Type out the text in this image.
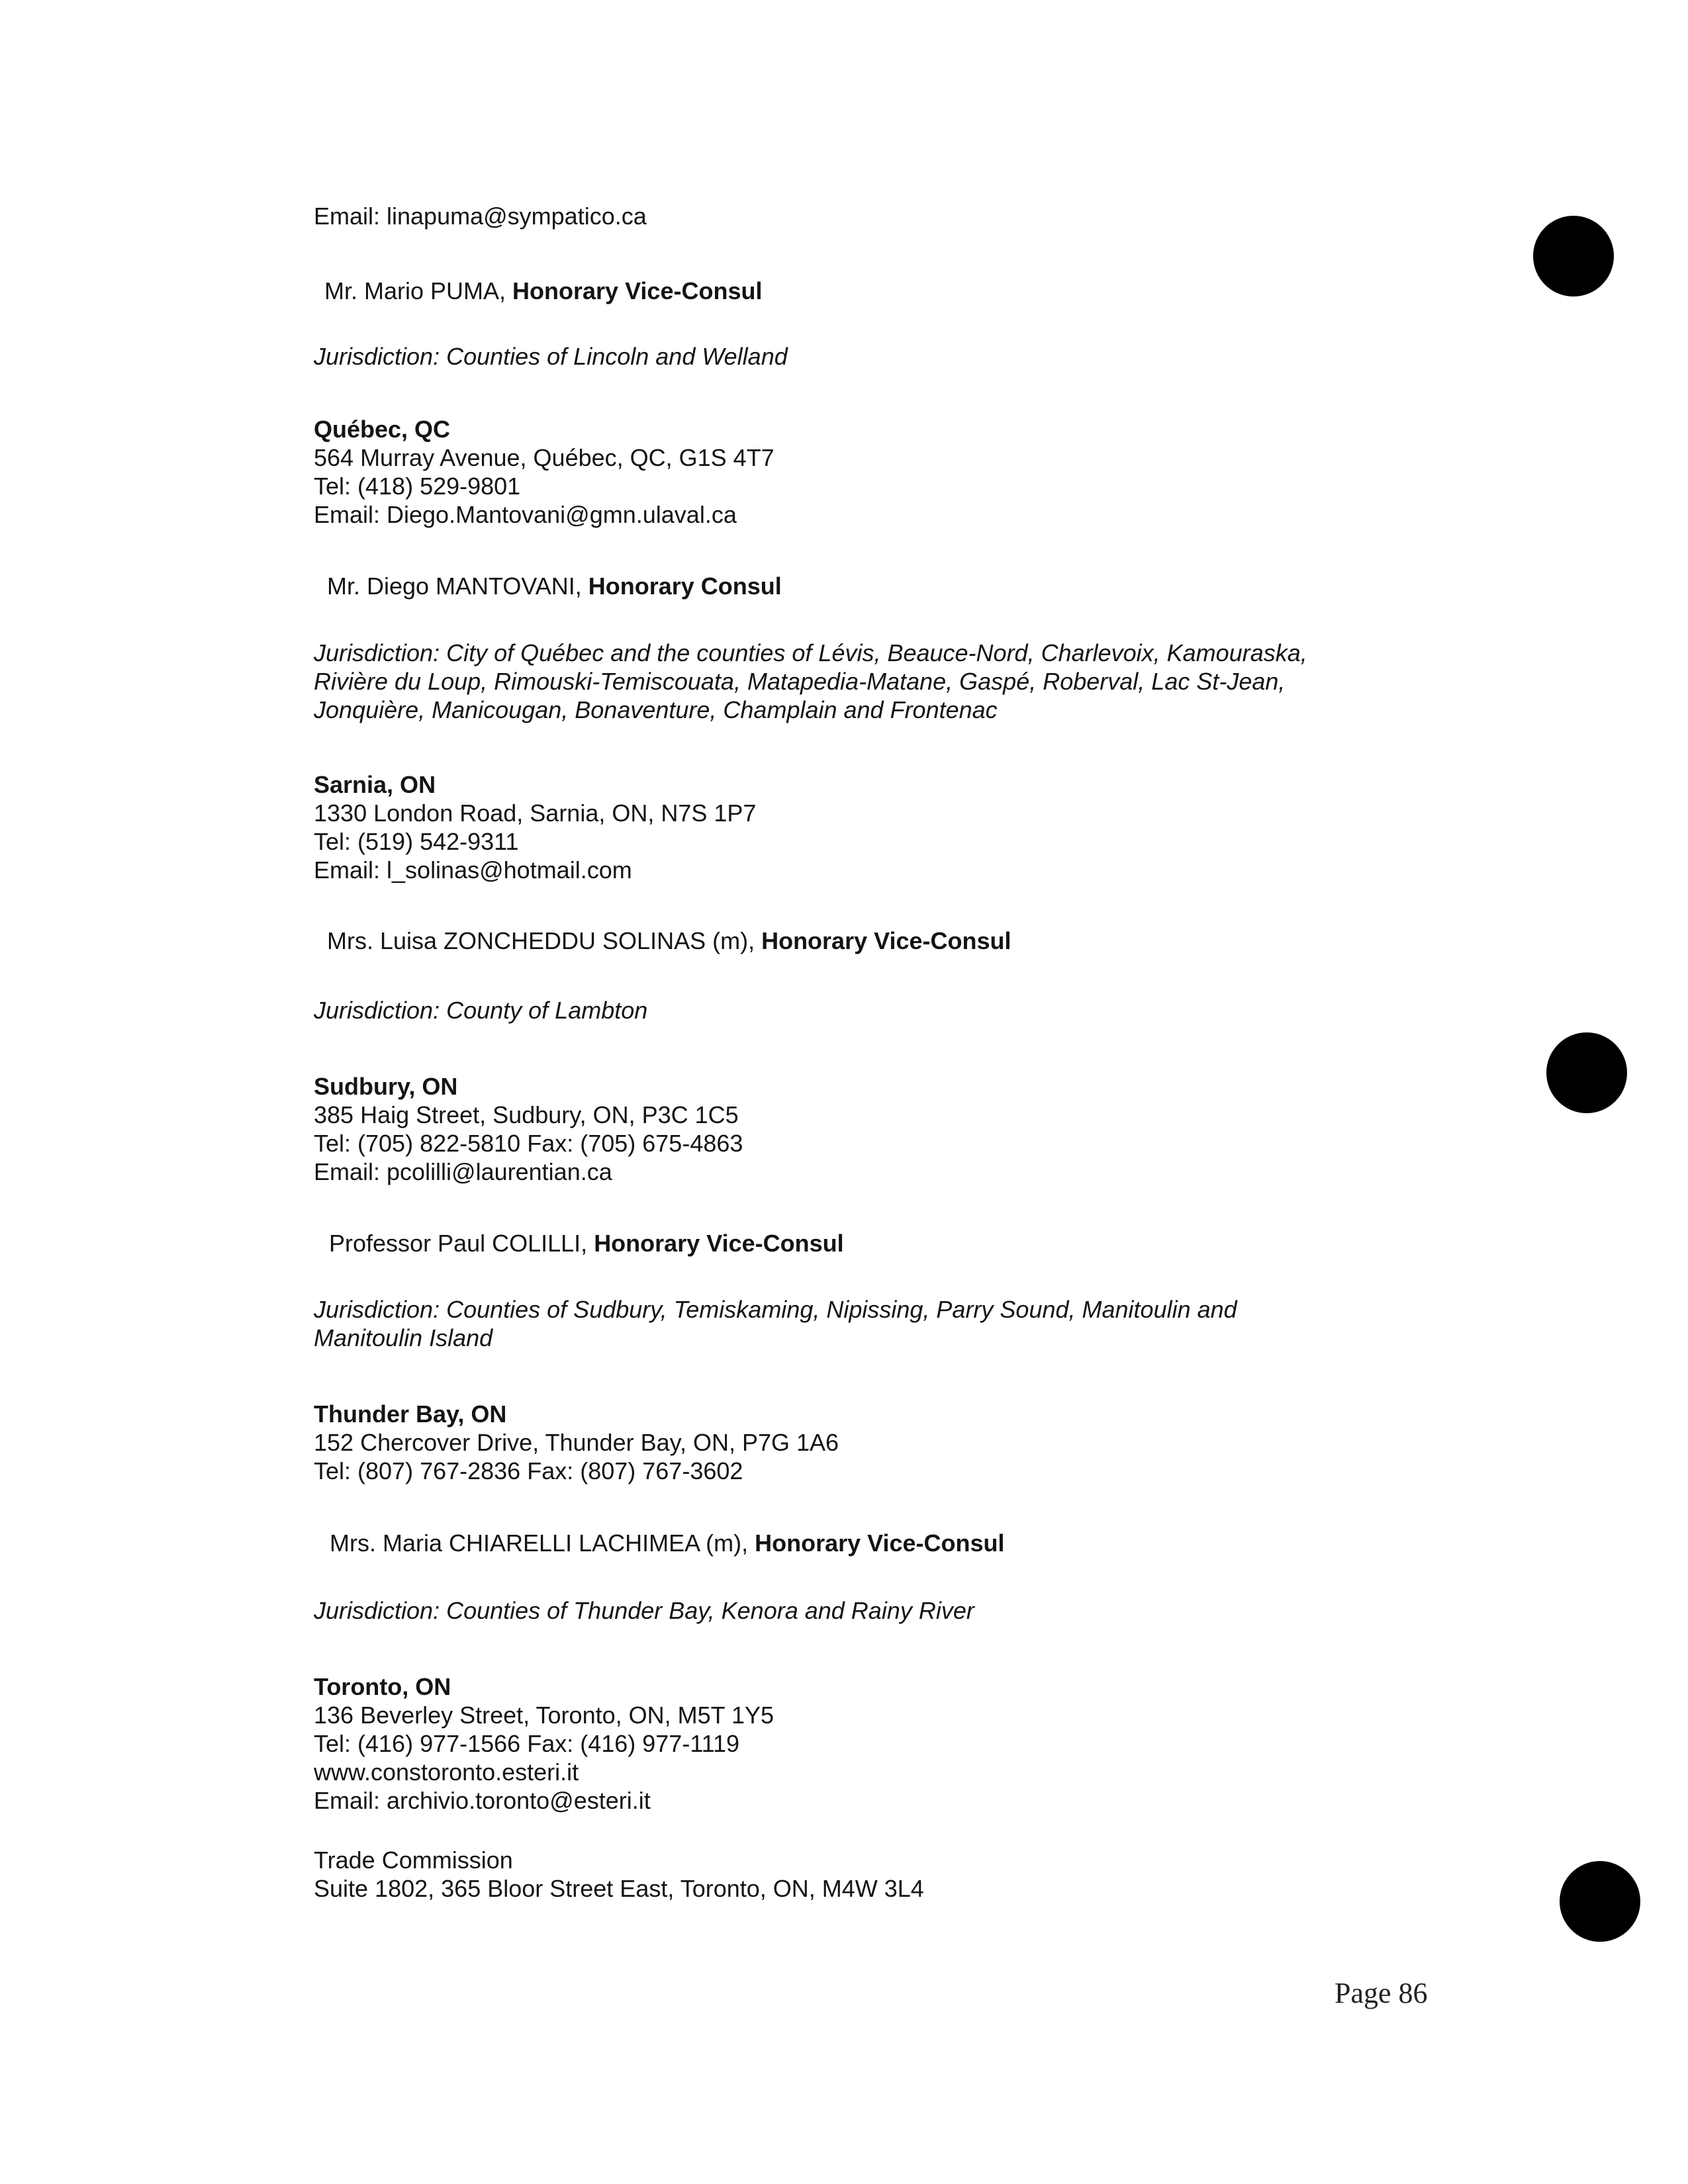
Email: linapuma@sympatico.ca
Mr. Mario PUMA, Honorary Vice-Consul
Jurisdiction: Counties of Lincoln and Welland
Québec, QC
564 Murray Avenue, Québec, QC, G1S 4T7
Tel: (418) 529-9801
Email: Diego.Mantovani@gmn.ulaval.ca
Mr. Diego MANTOVANI, Honorary Consul
Jurisdiction: City of Québec and the counties of Lévis, Beauce-Nord, Charlevoix, Kamouraska,
Rivière du Loup, Rimouski-Temiscouata, Matapedia-Matane, Gaspé, Roberval, Lac St-Jean,
Jonquière, Manicougan, Bonaventure, Champlain and Frontenac
Sarnia, ON
1330 London Road, Sarnia, ON, N7S 1P7
Tel: (519) 542-9311
Email: l_solinas@hotmail.com
Mrs. Luisa ZONCHEDDU SOLINAS (m), Honorary Vice-Consul
Jurisdiction: County of Lambton
Sudbury, ON
385 Haig Street, Sudbury, ON, P3C 1C5
Tel: (705) 822-5810 Fax: (705) 675-4863
Email: pcolilli@laurentian.ca
Professor Paul COLILLI, Honorary Vice-Consul
Jurisdiction: Counties of Sudbury, Temiskaming, Nipissing, Parry Sound, Manitoulin and
Manitoulin Island
Thunder Bay, ON
152 Chercover Drive, Thunder Bay, ON, P7G 1A6
Tel: (807) 767-2836 Fax: (807) 767-3602
Mrs. Maria CHIARELLI LACHIMEA (m), Honorary Vice-Consul
Jurisdiction: Counties of Thunder Bay, Kenora and Rainy River
Toronto, ON
136 Beverley Street, Toronto, ON, M5T 1Y5
Tel: (416) 977-1566 Fax: (416) 977-1119
www.constoronto.esteri.it
Email: archivio.toronto@esteri.it
Trade Commission
Suite 1802, 365 Bloor Street East, Toronto, ON, M4W 3L4
Page 86
